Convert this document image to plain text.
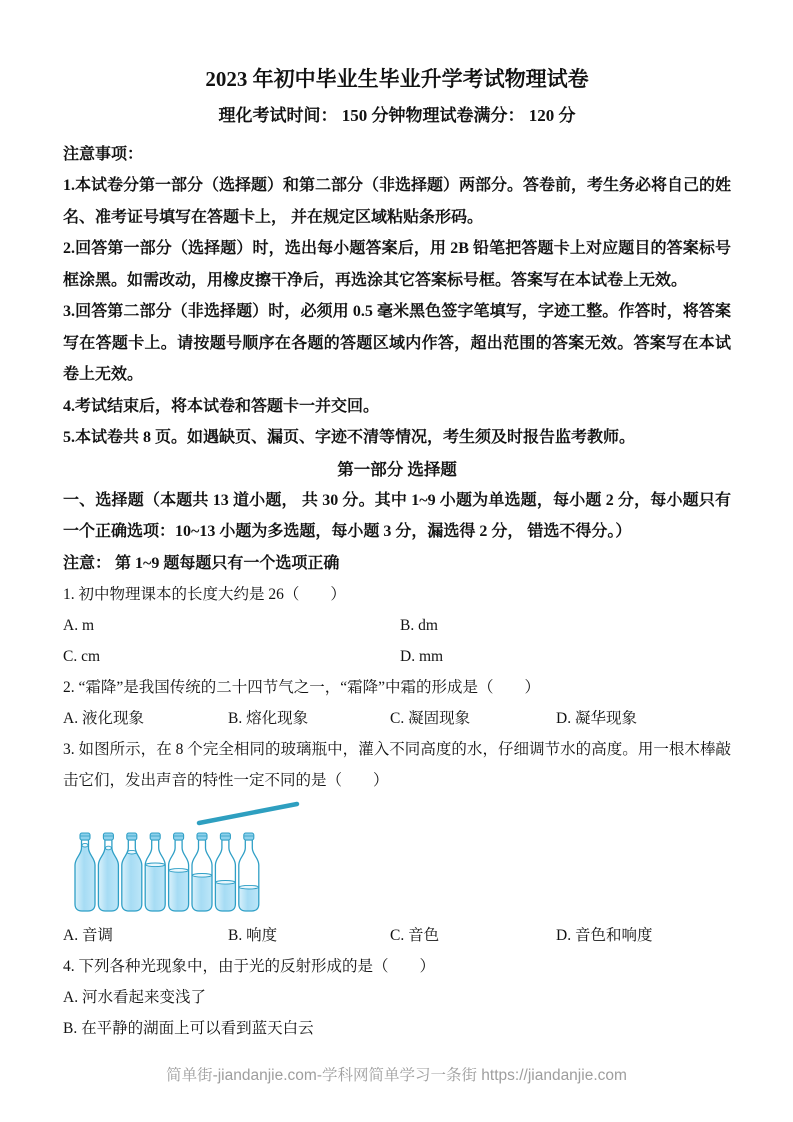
2023 年初中毕业生毕业升学考试物理试卷
理化考试时间： 150 分钟物理试卷满分： 120 分
注意事项：
1.本试卷分第一部分（选择题）和第二部分（非选择题）两部分。答卷前，考生务必将自己的姓名、准考证号填写在答题卡上， 并在规定区域粘贴条形码。
2.回答第一部分（选择题）时，选出每小题答案后，用 2B 铅笔把答题卡上对应题目的答案标号框涂黑。如需改动，用橡皮擦干净后，再选涂其它答案标号框。答案写在本试卷上无效。
3.回答第二部分（非选择题）时，必须用 0.5 毫米黑色签字笔填写，字迹工整。作答时，将答案写在答题卡上。请按题号顺序在各题的答题区域内作答，超出范围的答案无效。答案写在本试卷上无效。
4.考试结束后，将本试卷和答题卡一并交回。
5.本试卷共 8 页。如遇缺页、漏页、字迹不清等情况，考生须及时报告监考教师。
第一部分 选择题
一、选择题（本题共 13 道小题， 共 30 分。其中 1~9 小题为单选题，每小题 2 分，每小题只有一个正确选项：10~13 小题为多选题，每小题 3 分，漏选得 2 分， 错选不得分。）
注意： 第 1~9 题每题只有一个选项正确
1. 初中物理课本的长度大约是 26（　　）
A. m	B. dm
C. cm	D. mm
2. “霜降”是我国传统的二十四节气之一，“霜降”中霜的形成是（　　）
A. 液化现象	B. 熔化现象	C. 凝固现象	D. 凝华现象
3. 如图所示，在 8 个完全相同的玻璃瓶中，灌入不同高度的水，仔细调节水的高度。用一根木棒敲击它们，发出声音的特性一定不同的是（　　）
A. 音调	B. 响度	C. 音色	D. 音色和响度
4. 下列各种光现象中，由于光的反射形成的是（　　）
A. 河水看起来变浅了
B. 在平静的湖面上可以看到蓝天白云
简单街-jiandanjie.com-学科网简单学习一条街 https://jiandanjie.com
